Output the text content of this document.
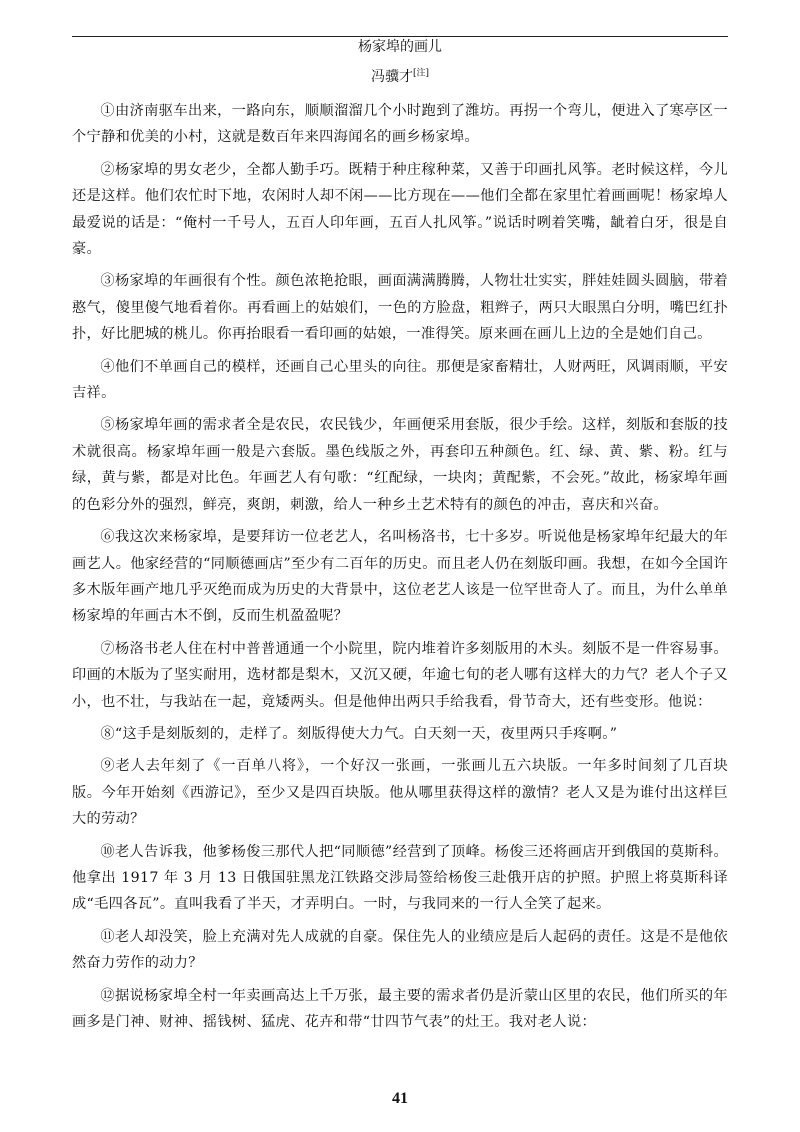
杨家埠的画儿
冯骥才[注]

①由济南驱车出来，一路向东，顺顺溜溜几个小时跑到了潍坊。再拐一个弯儿，便进入了寒亭区一个宁静和优美的小村，这就是数百年来四海闻名的画乡杨家埠。

②杨家埠的男女老少，全都人勤手巧。既精于种庄稼种菜，又善于印画扎风筝。老时候这样，今儿还是这样。他们农忙时下地，农闲时人却不闲——比方现在——他们全都在家里忙着画画呢！杨家埠人最爱说的话是：“俺村一千号人，五百人印年画，五百人扎风筝。”说话时咧着笑嘴，龇着白牙，很是自豪。

③杨家埠的年画很有个性。颜色浓艳抢眼，画面满满腾腾，人物壮壮实实，胖娃娃圆头圆脑，带着憨气，傻里傻气地看着你。再看画上的姑娘们，一色的方脸盘，粗辫子，两只大眼黑白分明，嘴巴红扑扑，好比肥城的桃儿。你再抬眼看一看印画的姑娘，一准得笑。原来画在画儿上边的全是她们自己。

④他们不单画自己的模样，还画自己心里头的向往。那便是家畜精壮，人财两旺，风调雨顺，平安吉祥。

⑤杨家埠年画的需求者全是农民，农民钱少，年画便采用套版，很少手绘。这样，刻版和套版的技术就很高。杨家埠年画一般是六套版。墨色线版之外，再套印五种颜色。红、绿、黄、紫、粉。红与绿，黄与紫，都是对比色。年画艺人有句歌：“红配绿，一块肉；黄配紫，不会死。”故此，杨家埠年画的色彩分外的强烈，鲜亮，爽朗，刺激，给人一种乡土艺术特有的颜色的冲击，喜庆和兴奋。

⑥我这次来杨家埠，是要拜访一位老艺人，名叫杨洛书，七十多岁。听说他是杨家埠年纪最大的年画艺人。他家经营的“同顺德画店”至少有二百年的历史。而且老人仍在刻版印画。我想，在如今全国许多木版年画产地几乎灭绝而成为历史的大背景中，这位老艺人该是一位罕世奇人了。而且，为什么单单杨家埠的年画古木不倒，反而生机盈盈呢？

⑦杨洛书老人住在村中普普通通一个小院里，院内堆着许多刻版用的木头。刻版不是一件容易事。印画的木版为了坚实耐用，选材都是梨木，又沉又硬，年逾七旬的老人哪有这样大的力气？老人个子又小，也不壮，与我站在一起，竟矮两头。但是他伸出两只手给我看，骨节奇大，还有些变形。他说：

⑧“这手是刻版刻的，走样了。刻版得使大力气。白天刻一天，夜里两只手疼啊。”

⑨老人去年刻了《一百单八将》，一个好汉一张画，一张画儿五六块版。一年多时间刻了几百块版。今年开始刻《西游记》，至少又是四百块版。他从哪里获得这样的激情？老人又是为谁付出这样巨大的劳动？

⑩老人告诉我，他爹杨俊三那代人把“同顺德”经营到了顶峰。杨俊三还将画店开到俄国的莫斯科。他拿出 1917 年 3 月 13 日俄国驻黑龙江铁路交涉局签给杨俊三赴俄开店的护照。护照上将莫斯科译成“毛四各瓦”。直叫我看了半天，才弄明白。一时，与我同来的一行人全笑了起来。

⑪老人却没笑，脸上充满对先人成就的自豪。保住先人的业绩应是后人起码的责任。这是不是他依然奋力劳作的动力？

⑫据说杨家埠全村一年卖画高达上千万张，最主要的需求者仍是沂蒙山区里的农民，他们所买的年画多是门神、财神、摇钱树、猛虎、花卉和带“廿四节气表”的灶王。我对老人说：

41
